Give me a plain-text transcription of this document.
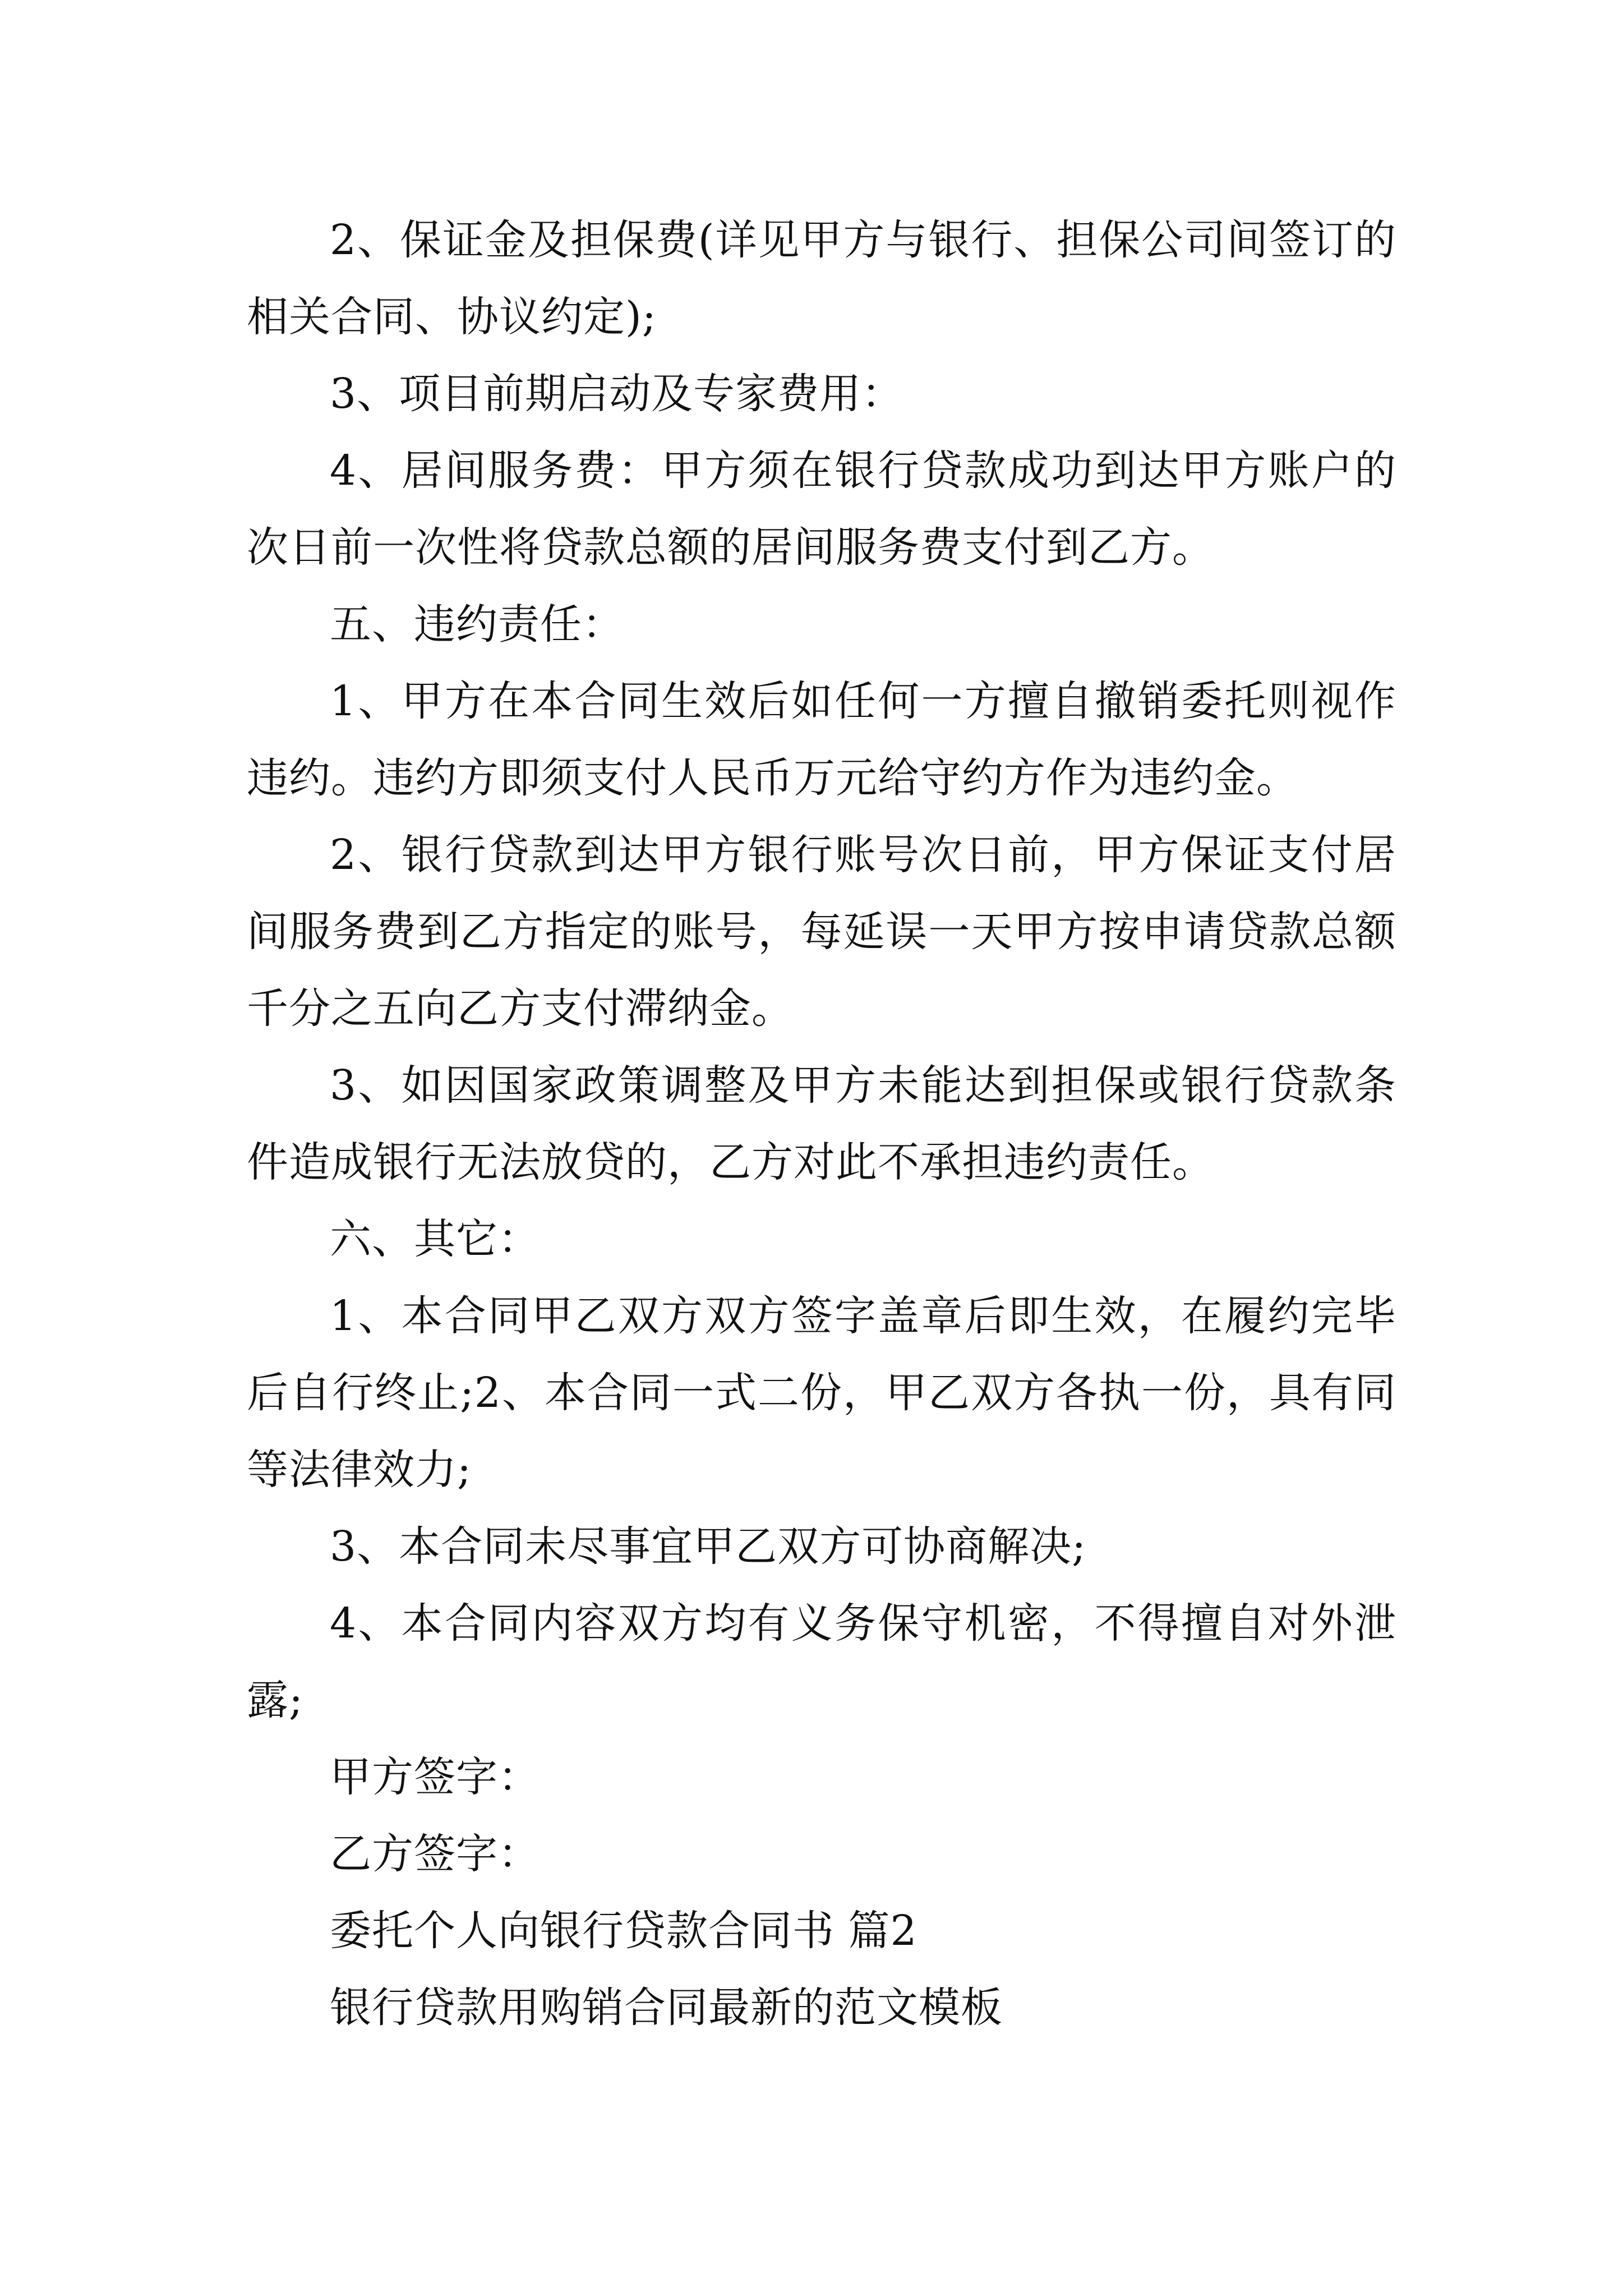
2、保证金及担保费(详见甲方与银行、担保公司间签订的相关合同、协议约定);

3、项目前期启动及专家费用：

4、居间服务费：甲方须在银行贷款成功到达甲方账户的次日前一次性将贷款总额的居间服务费支付到乙方。

五、违约责任：

1、甲方在本合同生效后如任何一方擅自撤销委托则视作违约。违约方即须支付人民币万元给守约方作为违约金。

2、银行贷款到达甲方银行账号次日前，甲方保证支付居间服务费到乙方指定的账号，每延误一天甲方按申请贷款总额千分之五向乙方支付滞纳金。

3、如因国家政策调整及甲方未能达到担保或银行贷款条件造成银行无法放贷的，乙方对此不承担违约责任。

六、其它：

1、本合同甲乙双方双方签字盖章后即生效，在履约完毕后自行终止;2、本合同一式二份，甲乙双方各执一份，具有同等法律效力;

3、本合同未尽事宜甲乙双方可协商解决;

4、本合同内容双方均有义务保守机密，不得擅自对外泄露;

甲方签字：

乙方签字：

委托个人向银行贷款合同书 篇2

银行贷款用购销合同最新的范文模板
